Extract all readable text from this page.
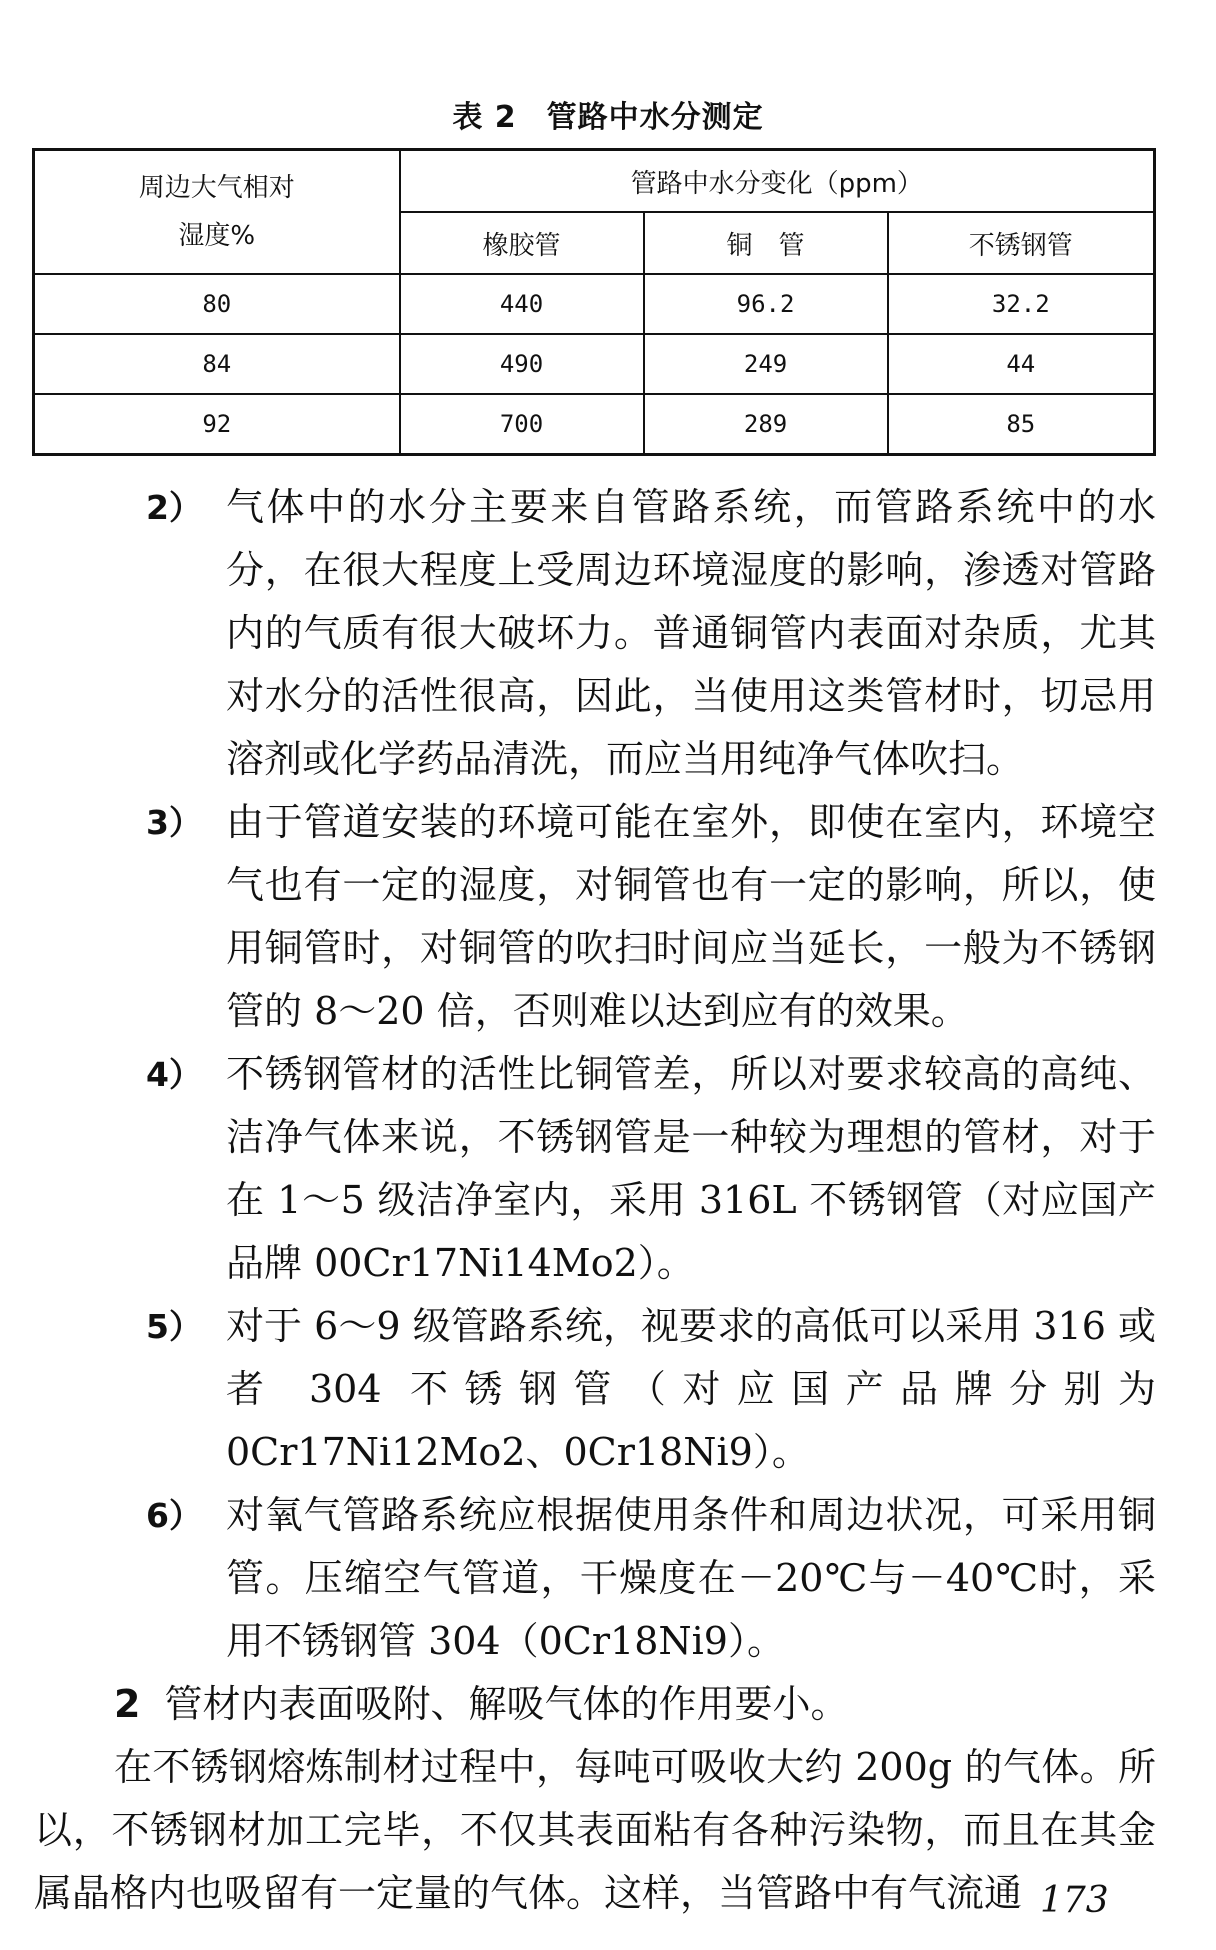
表 2 管路中水分测定
周边大气相对
湿度%	管路中水分变化（ppm）		
	橡胶管	铜　管	不锈钢管
80	440	96.2	32.2
84	490	249	44
92	700	289	85
2） 气体中的水分主要来自管路系统，而管路系统中的水分，在很大程度上受周边环境湿度的影响，渗透对管路内的气质有很大破坏力。普通铜管内表面对杂质，尤其对水分的活性很高，因此，当使用这类管材时，切忌用溶剂或化学药品清洗，而应当用纯净气体吹扫。
3） 由于管道安装的环境可能在室外，即使在室内，环境空气也有一定的湿度，对铜管也有一定的影响，所以，使用铜管时，对铜管的吹扫时间应当延长，一般为不锈钢管的 8～20 倍，否则难以达到应有的效果。
4） 不锈钢管材的活性比铜管差，所以对要求较高的高纯、洁净气体来说，不锈钢管是一种较为理想的管材，对于在 1～5 级洁净室内，采用 316L 不锈钢管（对应国产品牌 00Cr17Ni14Mo2）。
5） 对于 6～9 级管路系统，视要求的高低可以采用 316 或者 304 不锈钢管（对应国产品牌分别为 0Cr17Ni12Mo2、0Cr18Ni9）。
6） 对氧气管路系统应根据使用条件和周边状况，可采用铜管。压缩空气管道，干燥度在－20℃与－40℃时，采用不锈钢管 304（0Cr18Ni9）。
2 管材内表面吸附、解吸气体的作用要小。
在不锈钢熔炼制材过程中，每吨可吸收大约 200g 的气体。所以，不锈钢材加工完毕，不仅其表面粘有各种污染物，而且在其金属晶格内也吸留有一定量的气体。这样，当管路中有气流通 173
